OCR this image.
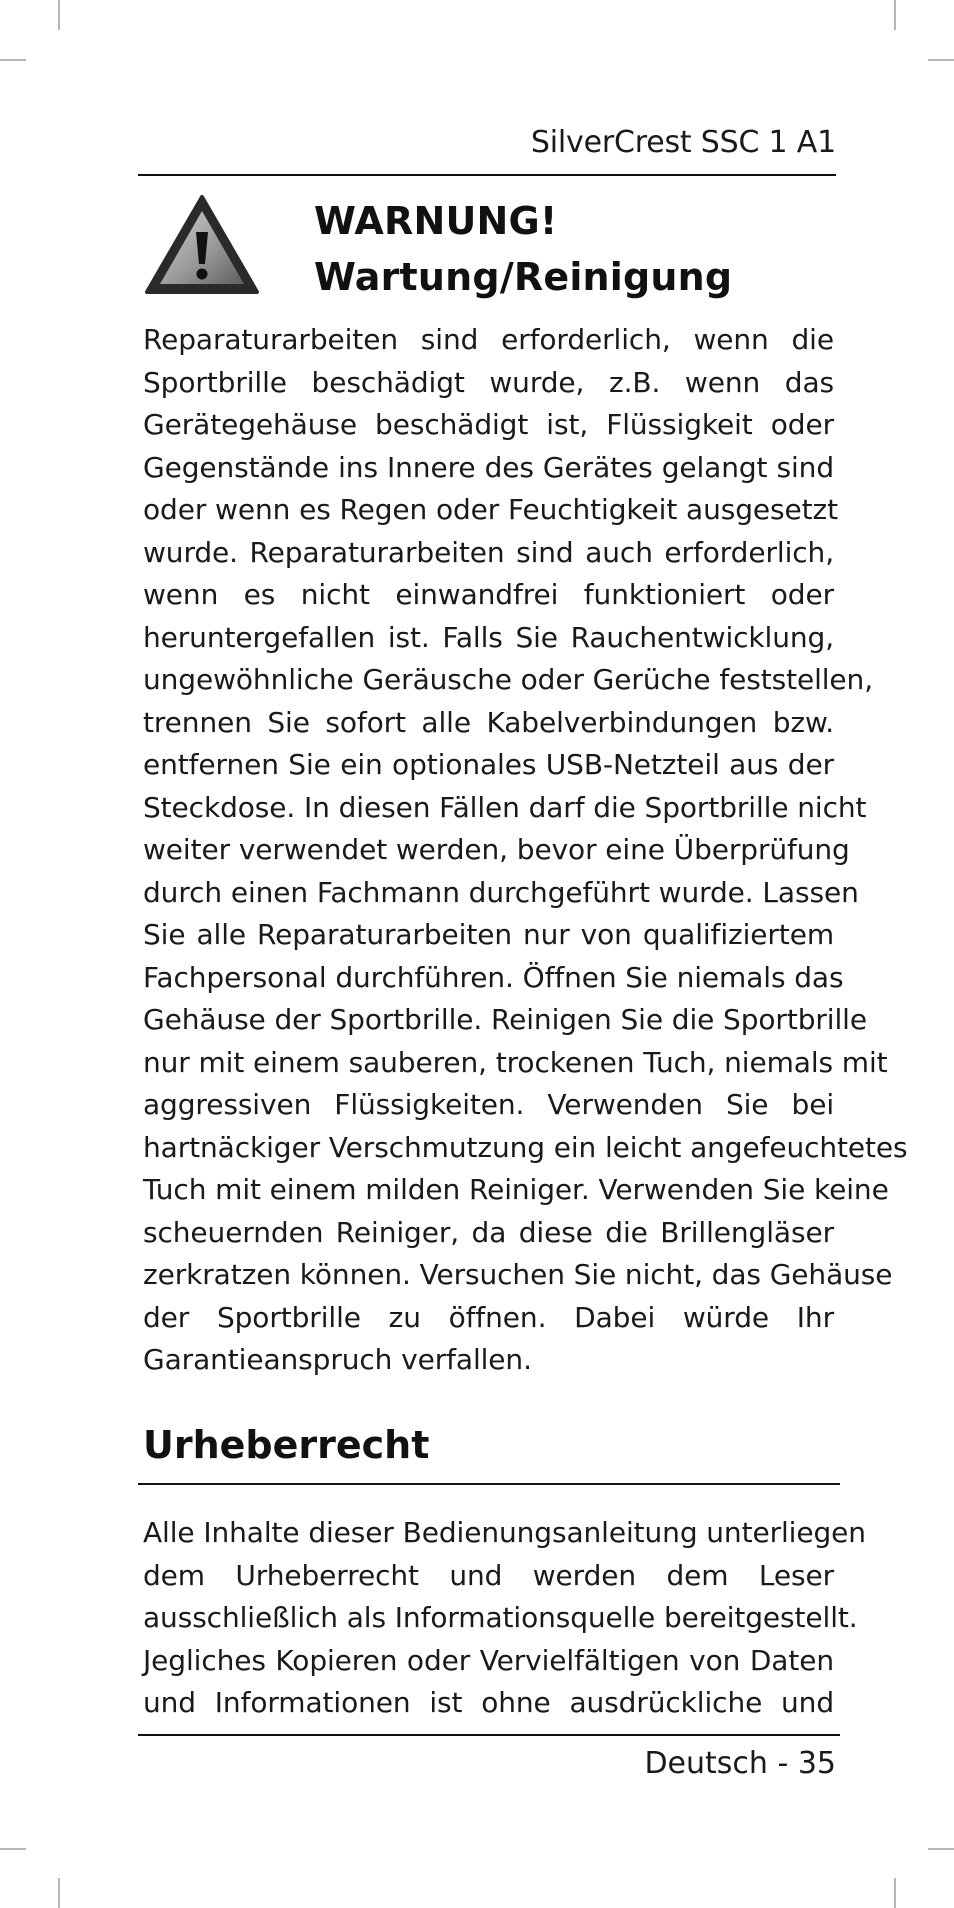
SilverCrest SSC 1 A1
WARNUNG!
Wartung/Reinigung
Reparaturarbeiten sind erforderlich, wenn die
Sportbrille beschädigt wurde, z.B. wenn das
Gerätegehäuse beschädigt ist, Flüssigkeit oder
Gegenstände ins Innere des Gerätes gelangt sind
oder wenn es Regen oder Feuchtigkeit ausgesetzt
wurde. Reparaturarbeiten sind auch erforderlich,
wenn es nicht einwandfrei funktioniert oder
heruntergefallen ist. Falls Sie Rauchentwicklung,
ungewöhnliche Geräusche oder Gerüche feststellen,
trennen Sie sofort alle Kabelverbindungen bzw.
entfernen Sie ein optionales USB-Netzteil aus der
Steckdose. In diesen Fällen darf die Sportbrille nicht
weiter verwendet werden, bevor eine Überprüfung
durch einen Fachmann durchgeführt wurde. Lassen
Sie alle Reparaturarbeiten nur von qualifiziertem
Fachpersonal durchführen. Öffnen Sie niemals das
Gehäuse der Sportbrille. Reinigen Sie die Sportbrille
nur mit einem sauberen, trockenen Tuch, niemals mit
aggressiven Flüssigkeiten. Verwenden Sie bei
hartnäckiger Verschmutzung ein leicht angefeuchtetes
Tuch mit einem milden Reiniger. Verwenden Sie keine
scheuernden Reiniger, da diese die Brillengläser
zerkratzen können. Versuchen Sie nicht, das Gehäuse
der Sportbrille zu öffnen. Dabei würde Ihr
Garantieanspruch verfallen.
Urheberrecht
Alle Inhalte dieser Bedienungsanleitung unterliegen
dem Urheberrecht und werden dem Leser
ausschließlich als Informationsquelle bereitgestellt.
Jegliches Kopieren oder Vervielfältigen von Daten
und Informationen ist ohne ausdrückliche und
Deutsch - 35
